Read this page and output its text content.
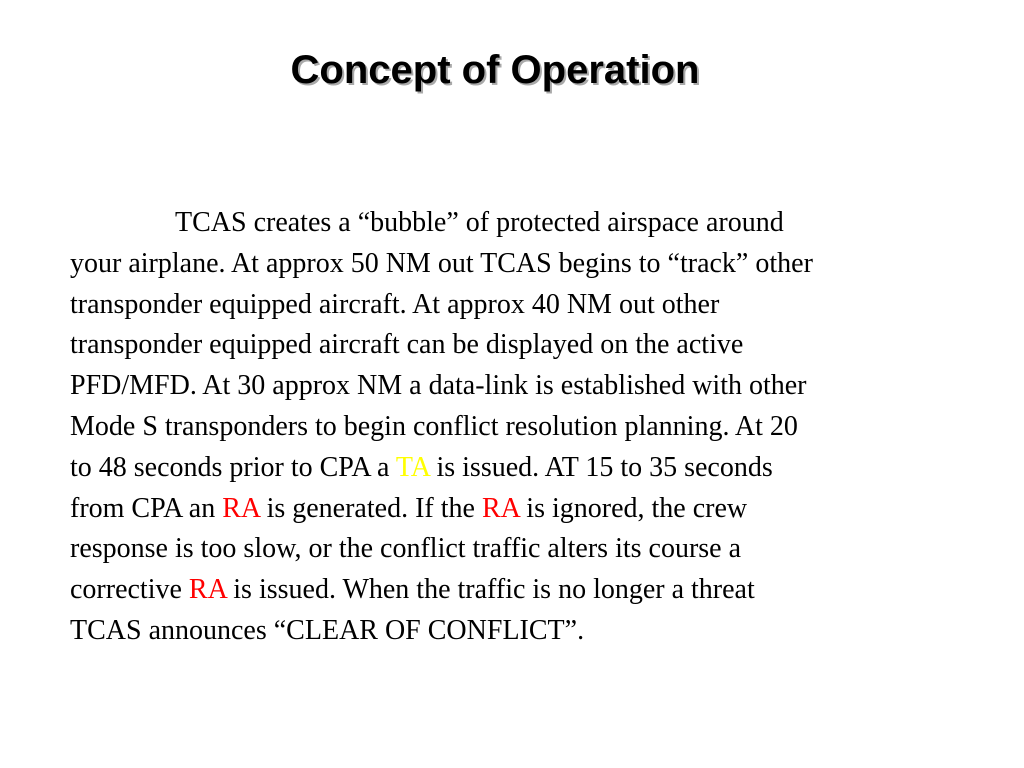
Concept of Operation
TCAS creates a “bubble” of protected airspace around
your airplane. At approx 50 NM out TCAS begins to “track” other
transponder equipped aircraft. At approx 40 NM out other
transponder equipped aircraft can be displayed on the active
PFD/MFD. At 30 approx NM a data-link is established with other
Mode S transponders to begin conflict resolution planning. At 20
to 48 seconds prior to CPA a TA is issued. AT 15 to 35 seconds
from CPA an RA is generated. If the RA is ignored, the crew
response is too slow, or the conflict traffic alters its course a
corrective RA is issued. When the traffic is no longer a threat
TCAS announces “CLEAR OF CONFLICT”.
